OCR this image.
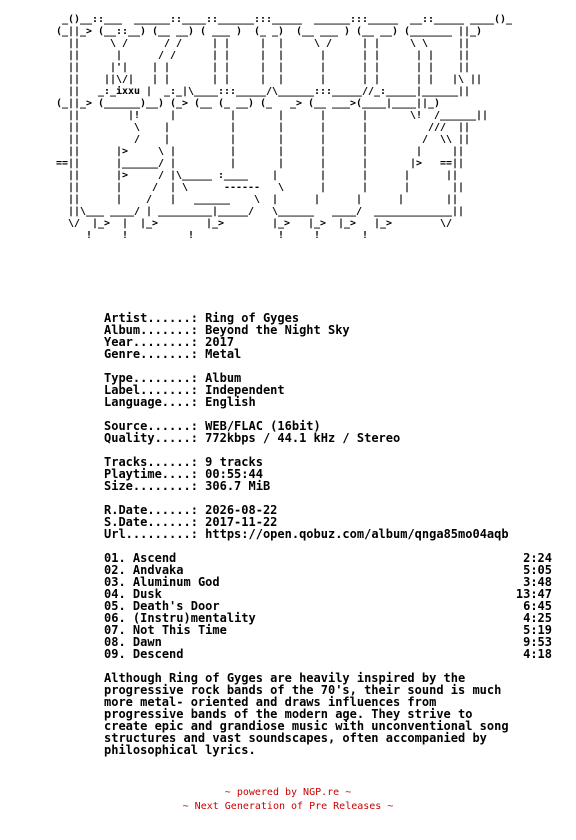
_()__::___  ______::____::______:::_____  ______:::_____  __::_____ ____()_
(_||_> (__::__) (__ __) ( ___ )  (_ _)  (__ ___ ) (__ __) (_______ ||_)
||     \ /      / /     | |     |  |     \ /     | |     \ \     ||
||      |      / /      | |     |  |      |      | |      | |    ||
||     |'|    | |       | |     |  |      |      | |      | |    ||
||    ||\/|   | |       | |     |  |      |      | |      | |   |\ ||
||   _:_ixxu |  _:_|\____:::_____/\______:::_____//_:_____|______||
(_||_> (______)__) (_> (__ (_ __) (_   _> (__ ___>(____|____||_)
||        |!     |         |       |      |      |       \!  /______||
||         \    |          |       |      |      |          ///  ||
||         /    |          |       |      |      |         /  \\ ||
||      |>     \ |         |       |      |      |        |     ||
==||      |______/ |         |       |      |      |       |>   ==||
||      |>     / |\_____ :____    |       |      |      |      ||
||      |     /  | \      ------   \      |      |      |       ||
||      |    /   |   ______    \  |      |      |      |       ||
||\___ ____/ | _________|_____/   \______   ____/  _____________||
\/  |_>  |  |_>        |_>        |_>   |_>  |_>   |_>        \/
!     !          !              !     !       !
Artist......: Ring of Gyges
Album.......: Beyond the Night Sky
Year........: 2017
Genre.......: Metal
Type........: Album
Label.......: Independent
Language....: English
Source......: WEB/FLAC (16bit)
Quality.....: 772kbps / 44.1 kHz / Stereo
Tracks......: 9 tracks
Playtime....: 00:55:44
Size........: 306.7 MiB
R.Date......: 2026-08-22
S.Date......: 2017-11-22
Url.........: https://open.qobuz.com/album/qnga85mo04aqb
01. Ascend	2:24
02. Andvaka	5:05
03. Aluminum God	3:48
04. Dusk	13:47
05. Death's Door	6:45
06. (Instru)mentality	4:25
07. Not This Time	5:19
08. Dawn	9:53
09. Descend	4:18
Although Ring of Gyges are heavily inspired by the
progressive rock bands of the 70's, their sound is much
more metal- oriented and draws influences from
progressive bands of the modern age. They strive to
create epic and grandiose music with unconventional song
structures and vast soundscapes, often accompanied by
philosophical lyrics.
~ powered by NGP.re ~
~ Next Generation of Pre Releases ~
